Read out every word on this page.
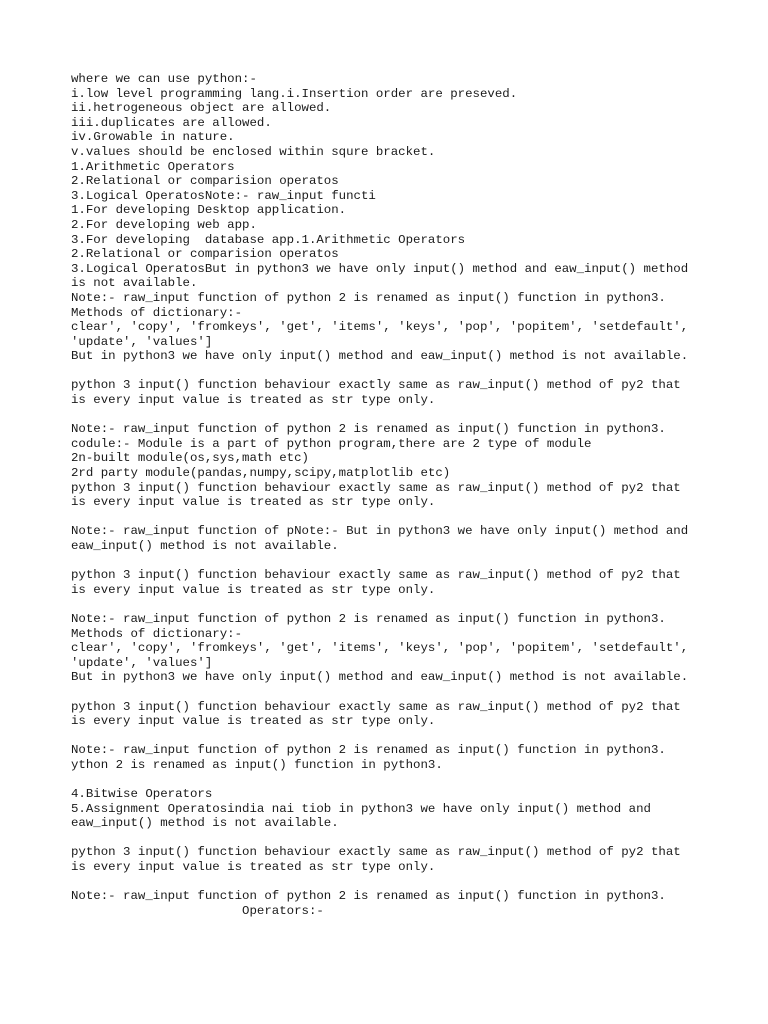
where we can use python:-
i.low level programming lang.i.Insertion order are preseved.
ii.hetrogeneous object are allowed.
iii.duplicates are allowed.
iv.Growable in nature.
v.values should be enclosed within squre bracket.
1.Arithmetic Operators
2.Relational or comparision operatos
3.Logical OperatosNote:- raw_input functi
1.For developing Desktop application.
2.For developing web app.
3.For developing  database app.1.Arithmetic Operators
2.Relational or comparision operatos
3.Logical OperatosBut in python3 we have only input() method and eaw_input() method
is not available.
Note:- raw_input function of python 2 is renamed as input() function in python3.
Methods of dictionary:-
clear', 'copy', 'fromkeys', 'get', 'items', 'keys', 'pop', 'popitem', 'setdefault',
'update', 'values']
But in python3 we have only input() method and eaw_input() method is not available.
python 3 input() function behaviour exactly same as raw_input() method of py2 that
is every input value is treated as str type only.
Note:- raw_input function of python 2 is renamed as input() function in python3.
codule:- Module is a part of python program,there are 2 type of module
2n-built module(os,sys,math etc)
2rd party module(pandas,numpy,scipy,matplotlib etc)
python 3 input() function behaviour exactly same as raw_input() method of py2 that
is every input value is treated as str type only.
Note:- raw_input function of pNote:- But in python3 we have only input() method and
eaw_input() method is not available.
python 3 input() function behaviour exactly same as raw_input() method of py2 that
is every input value is treated as str type only.
Note:- raw_input function of python 2 is renamed as input() function in python3.
Methods of dictionary:-
clear', 'copy', 'fromkeys', 'get', 'items', 'keys', 'pop', 'popitem', 'setdefault',
'update', 'values']
But in python3 we have only input() method and eaw_input() method is not available.
python 3 input() function behaviour exactly same as raw_input() method of py2 that
is every input value is treated as str type only.
Note:- raw_input function of python 2 is renamed as input() function in python3.
ython 2 is renamed as input() function in python3.
4.Bitwise Operators
5.Assignment Operatosindia nai tiob in python3 we have only input() method and
eaw_input() method is not available.
python 3 input() function behaviour exactly same as raw_input() method of py2 that
is every input value is treated as str type only.
Note:- raw_input function of python 2 is renamed as input() function in python3.
Operators:-
